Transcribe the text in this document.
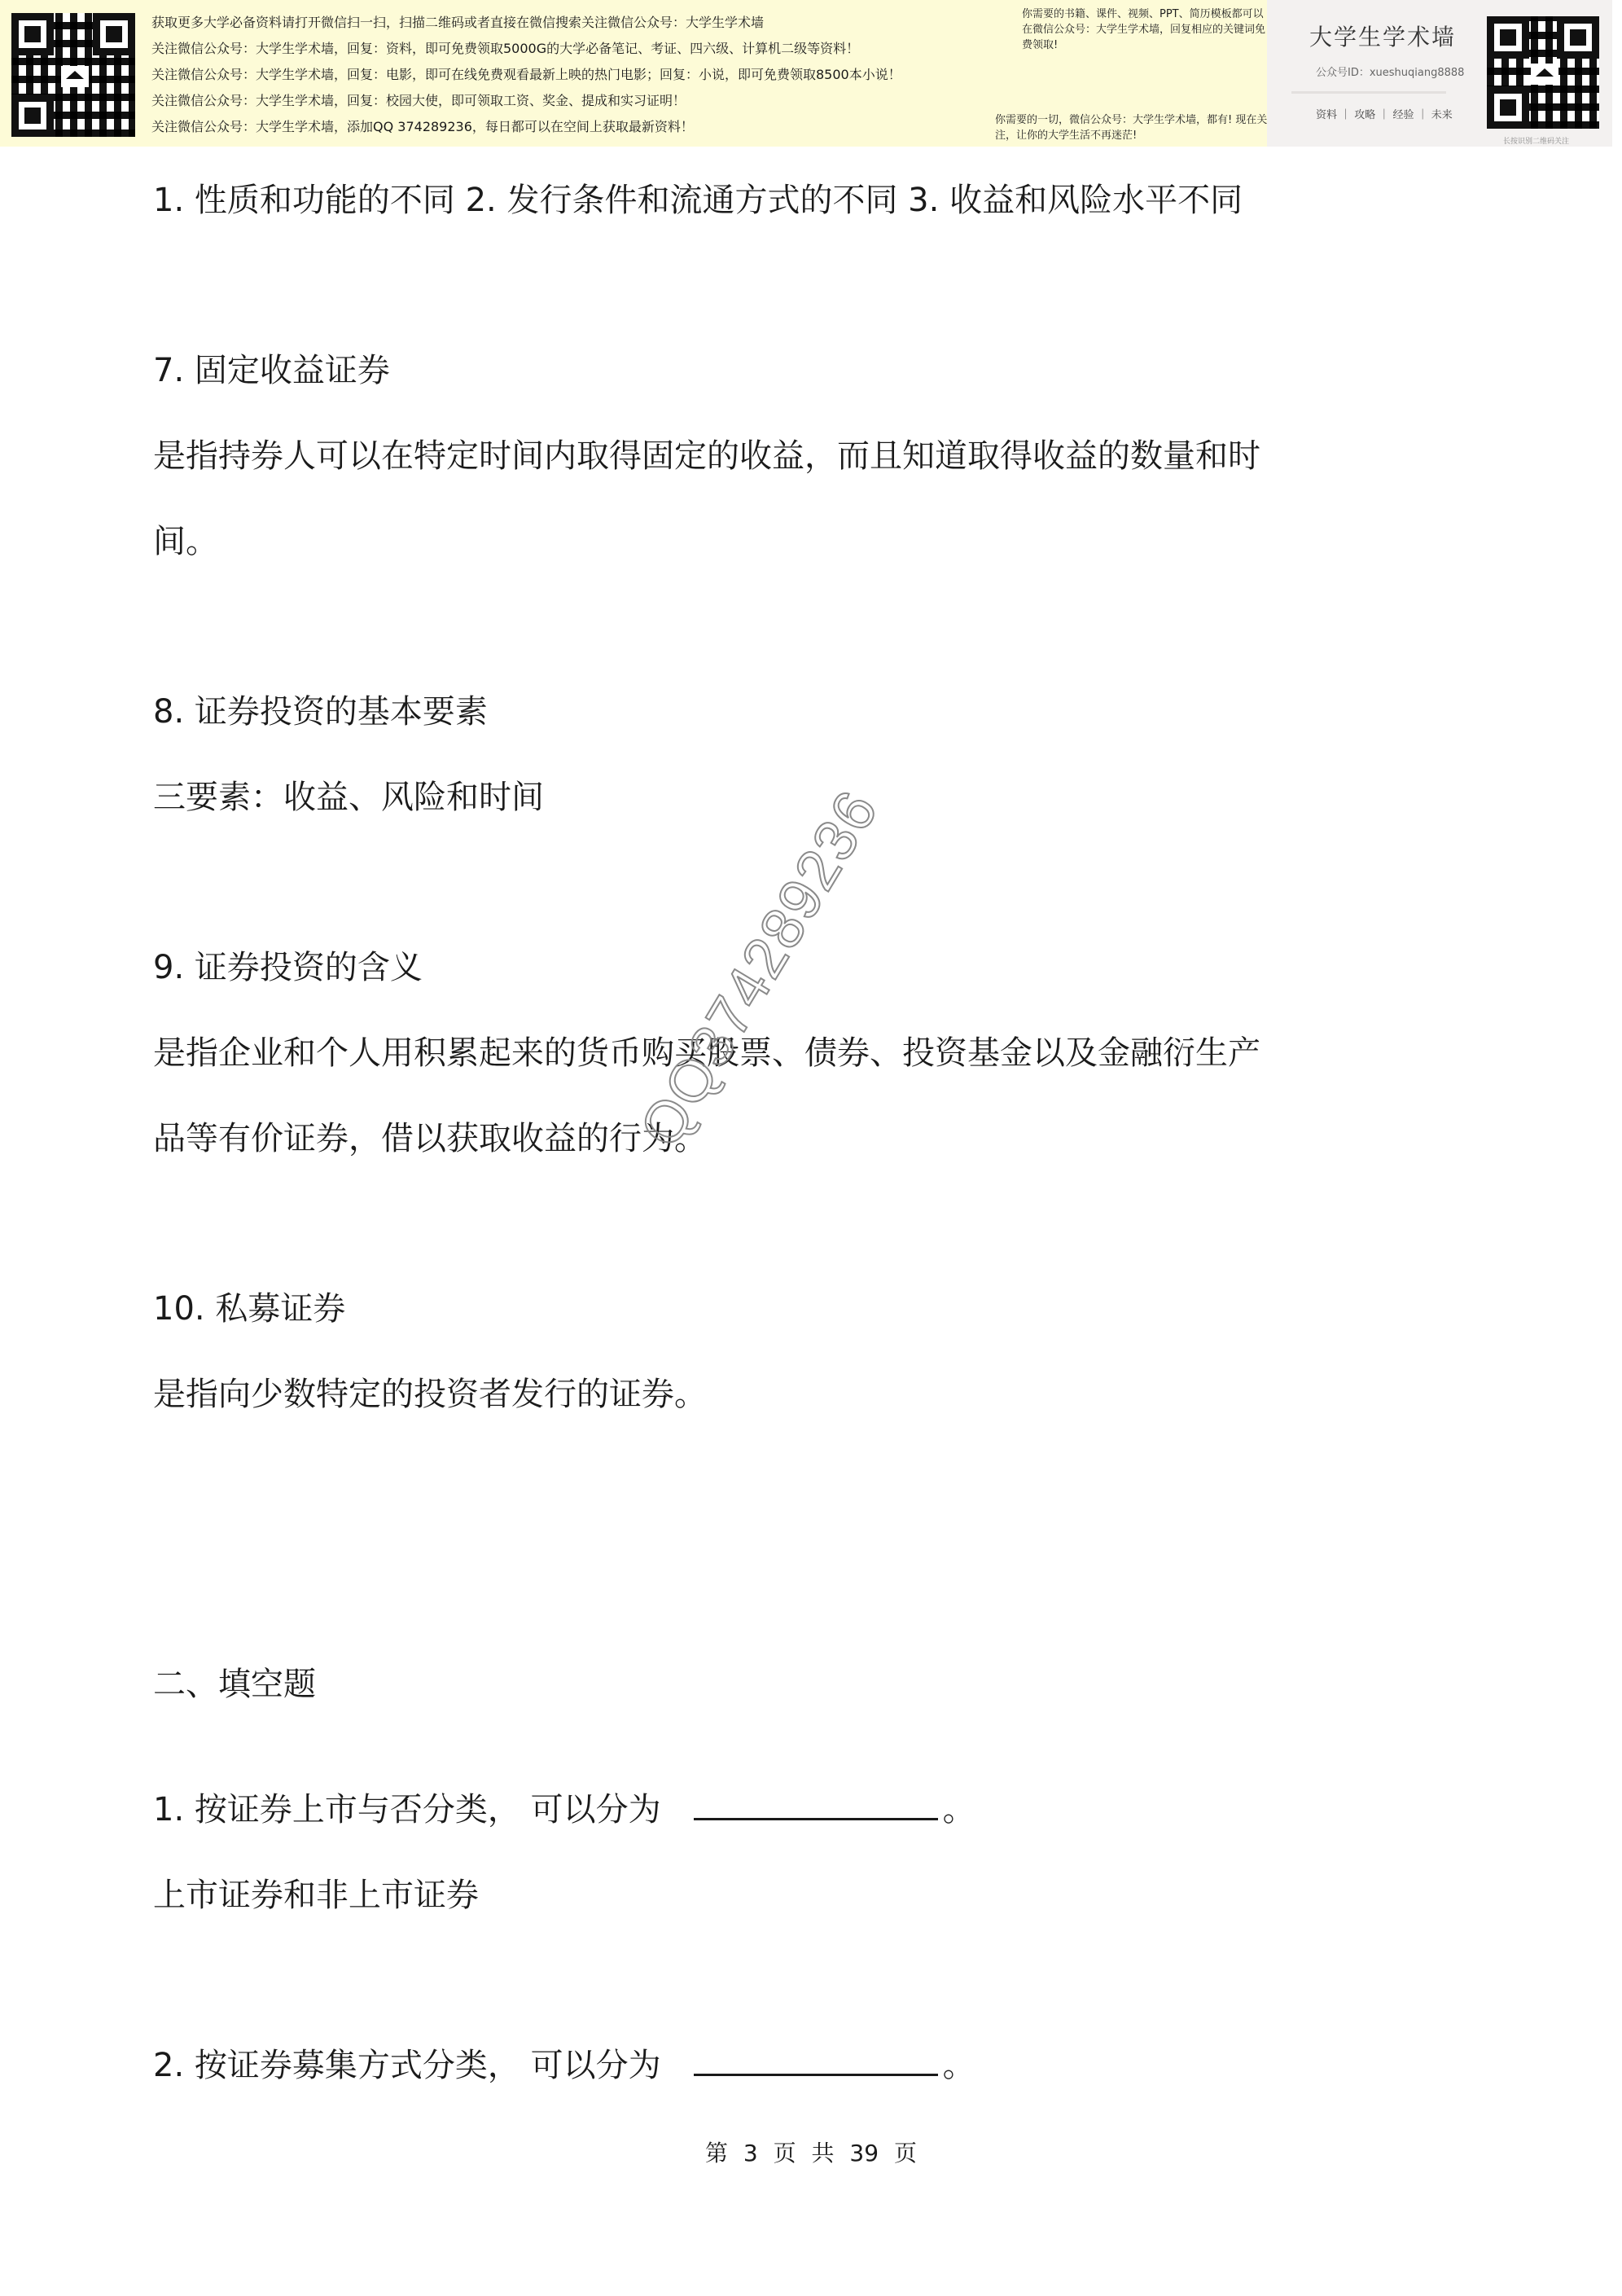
获取更多大学必备资料请打开微信扫一扫，扫描二维码或者直接在微信搜索关注微信公众号：大学生学术墙
关注微信公众号：大学生学术墙，回复：资料，即可免费领取5000G的大学必备笔记、考证、四六级、计算机二级等资料！
关注微信公众号：大学生学术墙，回复：电影，即可在线免费观看最新上映的热门电影；回复：小说，即可免费领取8500本小说！
关注微信公众号：大学生学术墙，回复：校园大使，即可领取工资、奖金、提成和实习证明！
关注微信公众号：大学生学术墙，添加QQ 374289236，每日都可以在空间上获取最新资料！
你需要的书籍、课件、视频、PPT、简历模板都可以在微信公众号：大学生学术墙，回复相应的关键词免费领取!
你需要的一切，微信公众号：大学生学术墙，都有! 现在关注，让你的大学生活不再迷茫!
大学生学术墙
公众号ID：xueshuqiang8888
资料 ｜ 攻略 ｜ 经验 ｜ 未来
长按识别二维码关注
1. 性质和功能的不同 2. 发行条件和流通方式的不同 3. 收益和风险水平不同
7. 固定收益证券
是指持券人可以在特定时间内取得固定的收益，而且知道取得收益的数量和时
间。
8. 证券投资的基本要素
三要素：收益、风险和时间
9. 证券投资的含义
是指企业和个人用积累起来的货币购买股票、债券、投资基金以及金融衍生产
品等有价证券，借以获取收益的行为。
10. 私募证券
是指向少数特定的投资者发行的证券。
二、填空题
1. 按证券上市与否分类， 可以分为	。
上市证券和非上市证券
2. 按证券募集方式分类， 可以分为	。
QQ374289236
第 3 页 共 39 页
